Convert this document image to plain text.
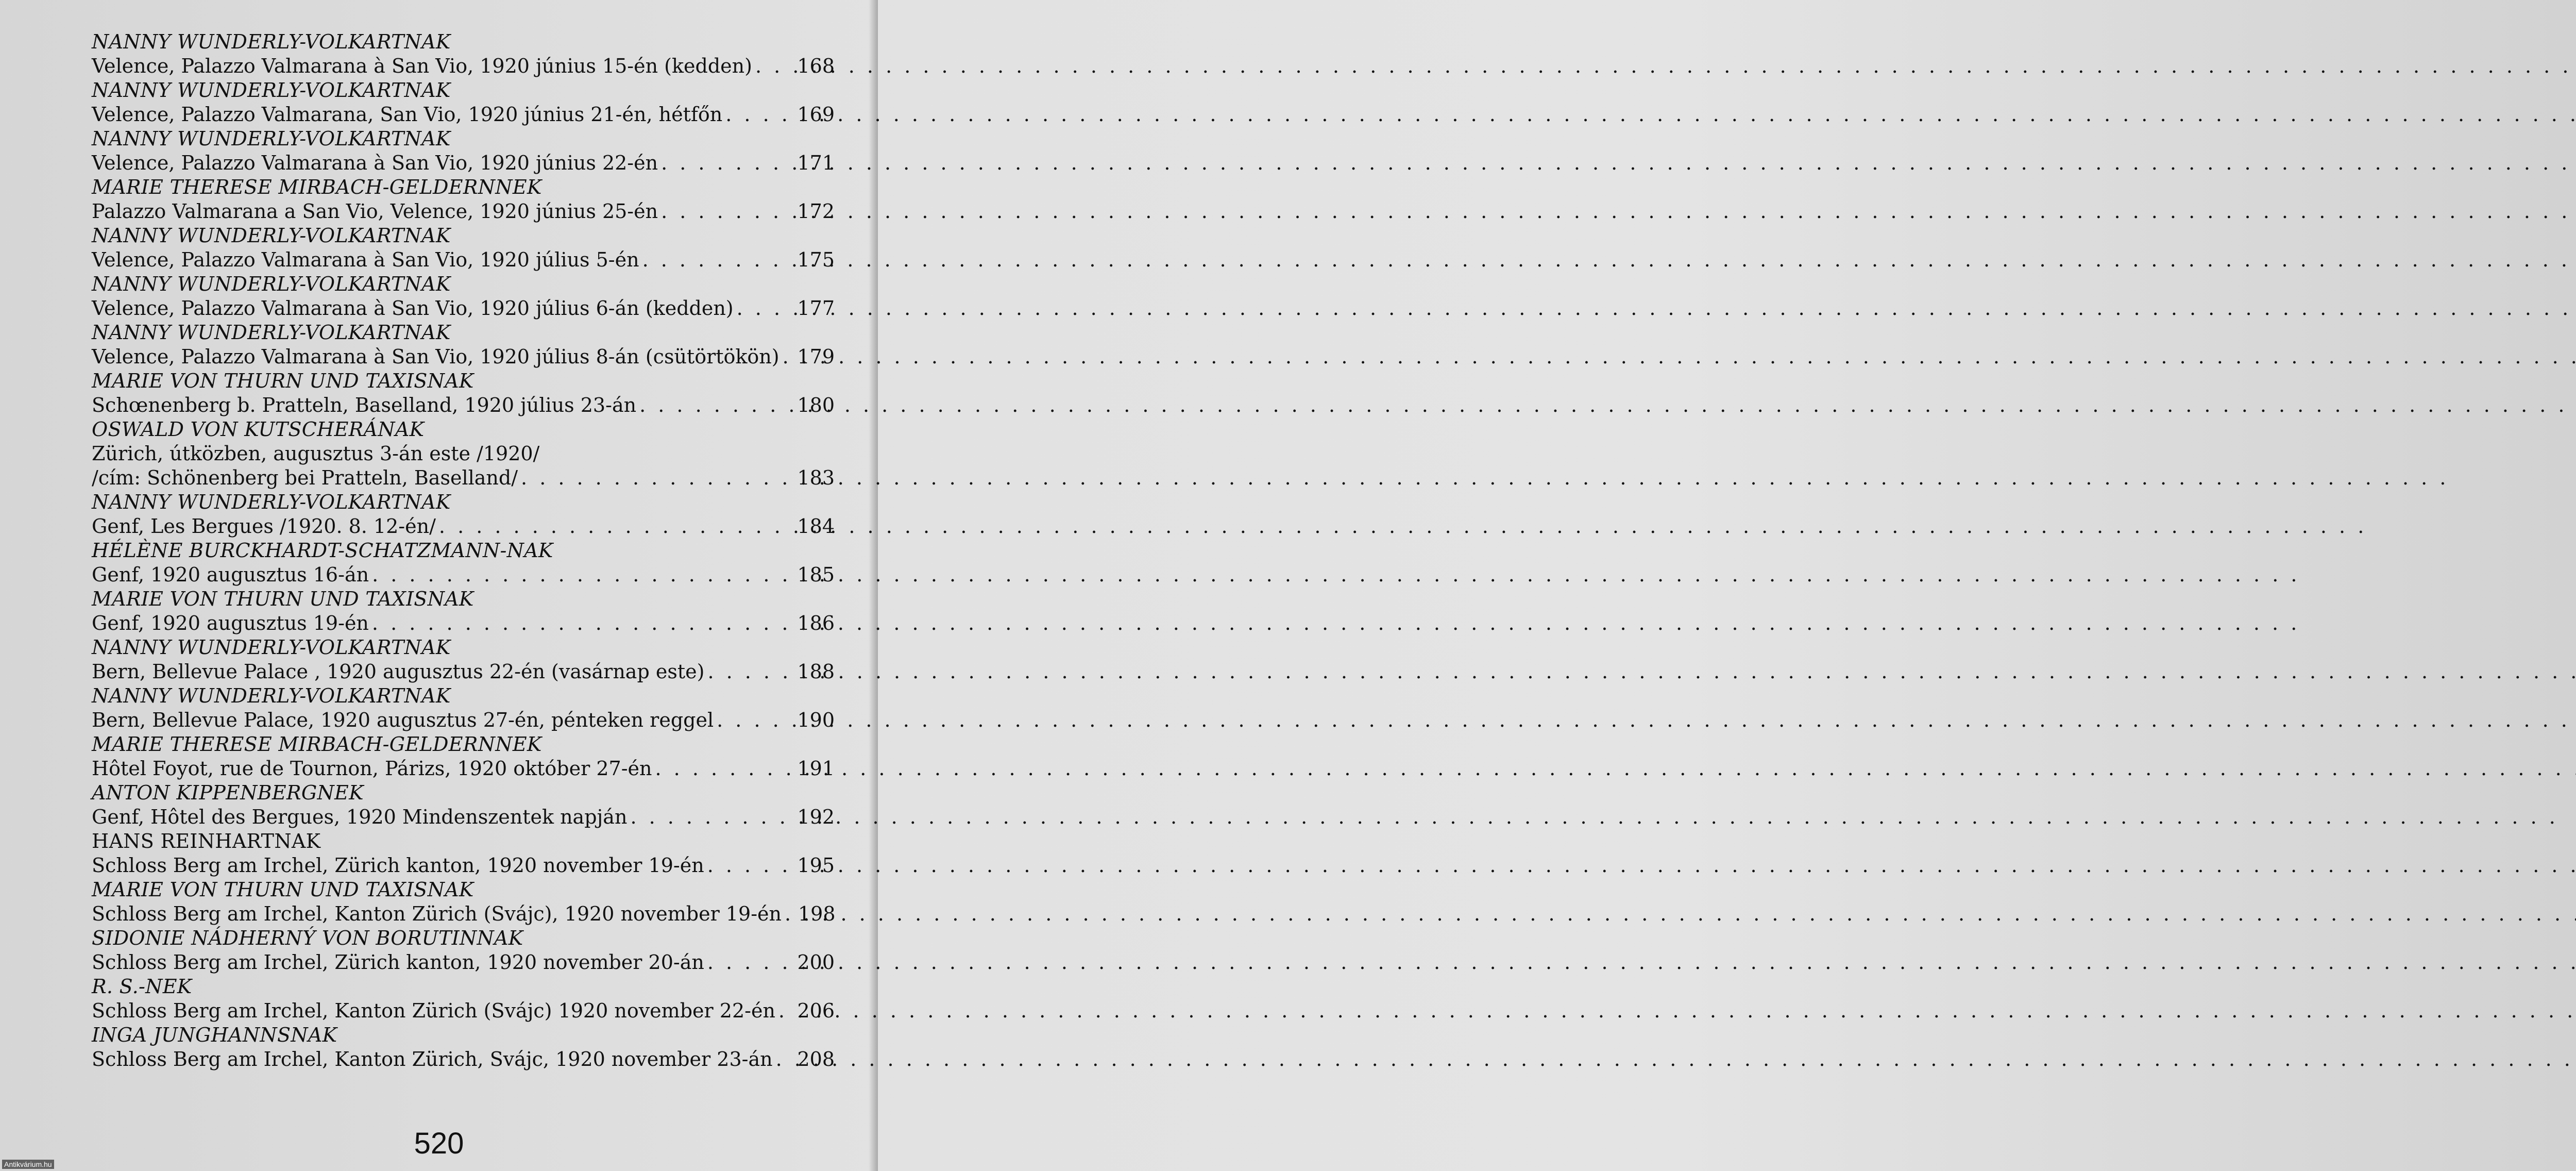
NANNY WUNDERLY-VOLKARTNAK
Velence, Palazzo Valmarana à San Vio, 1920 június 15-én (kedden) . . . 168
NANNY WUNDERLY-VOLKARTNAK
Velence, Palazzo Valmarana, San Vio, 1920 június 21-én, hétfőn . . .	169
NANNY WUNDERLY-VOLKARTNAK
Velence, Palazzo Valmarana à San Vio, 1920 június 22-én . . .	171
MARIE THERESE MIRBACH-GELDERNNEK
Palazzo Valmarana a San Vio, Velence, 1920 június 25-én . . .	172
NANNY WUNDERLY-VOLKARTNAK
Velence, Palazzo Valmarana à San Vio, 1920 július 5-én . . .	175
NANNY WUNDERLY-VOLKARTNAK
Velence, Palazzo Valmarana à San Vio, 1920 július 6-án (kedden) . . .	177
NANNY WUNDERLY-VOLKARTNAK
Velence, Palazzo Valmarana à San Vio, 1920 július 8-án (csütörtökön) . . . 179
MARIE VON THURN UND TAXISNAK
Schœnenberg b. Pratteln, Baselland, 1920 július 23-án . . .	180
OSWALD VON KUTSCHERÁNAK
Zürich, útközben, augusztus 3-án este /1920/
/cím: Schönenberg bei Pratteln, Baselland/ . . .	183
NANNY WUNDERLY-VOLKARTNAK
Genf, Les Bergues /1920. 8. 12-én/ . . .	184
HÉLÈNE BURCKHARDT-SCHATZMANN-NAK
Genf, 1920 augusztus 16-án . . .	185
MARIE VON THURN UND TAXISNAK
Genf, 1920 augusztus 19-én . . .	186
NANNY WUNDERLY-VOLKARTNAK
Bern, Bellevue Palace , 1920 augusztus 22-én (vasárnap este) . . .	188
NANNY WUNDERLY-VOLKARTNAK
Bern, Bellevue Palace, 1920 augusztus 27-én, pénteken reggel . . .	190
MARIE THERESE MIRBACH-GELDERNNEK
Hôtel Foyot, rue de Tournon, Párizs, 1920 október 27-én . . .	191
ANTON KIPPENBERGNEK
Genf, Hôtel des Bergues, 1920 Mindenszentek napján . . .	192
HANS REINHARTNAK
Schloss Berg am Irchel, Zürich kanton, 1920 november 19-én . . .	195
MARIE VON THURN UND TAXISNAK
Schloss Berg am Irchel, Kanton Zürich (Svájc), 1920 november 19-én . . . 198
SIDONIE NÁDHERNÝ VON BORUTINNAK
Schloss Berg am Irchel, Zürich kanton, 1920 november 20-án . . .	200
R. S.-NEK
Schloss Berg am Irchel, Kanton Zürich (Svájc) 1920 november 22-én . . . 206
INGA JUNGHANNSNAK
Schloss Berg am Irchel, Kanton Zürich, Svájc, 1920 november 23-án . . . 208
520
Antikvárium.hu
